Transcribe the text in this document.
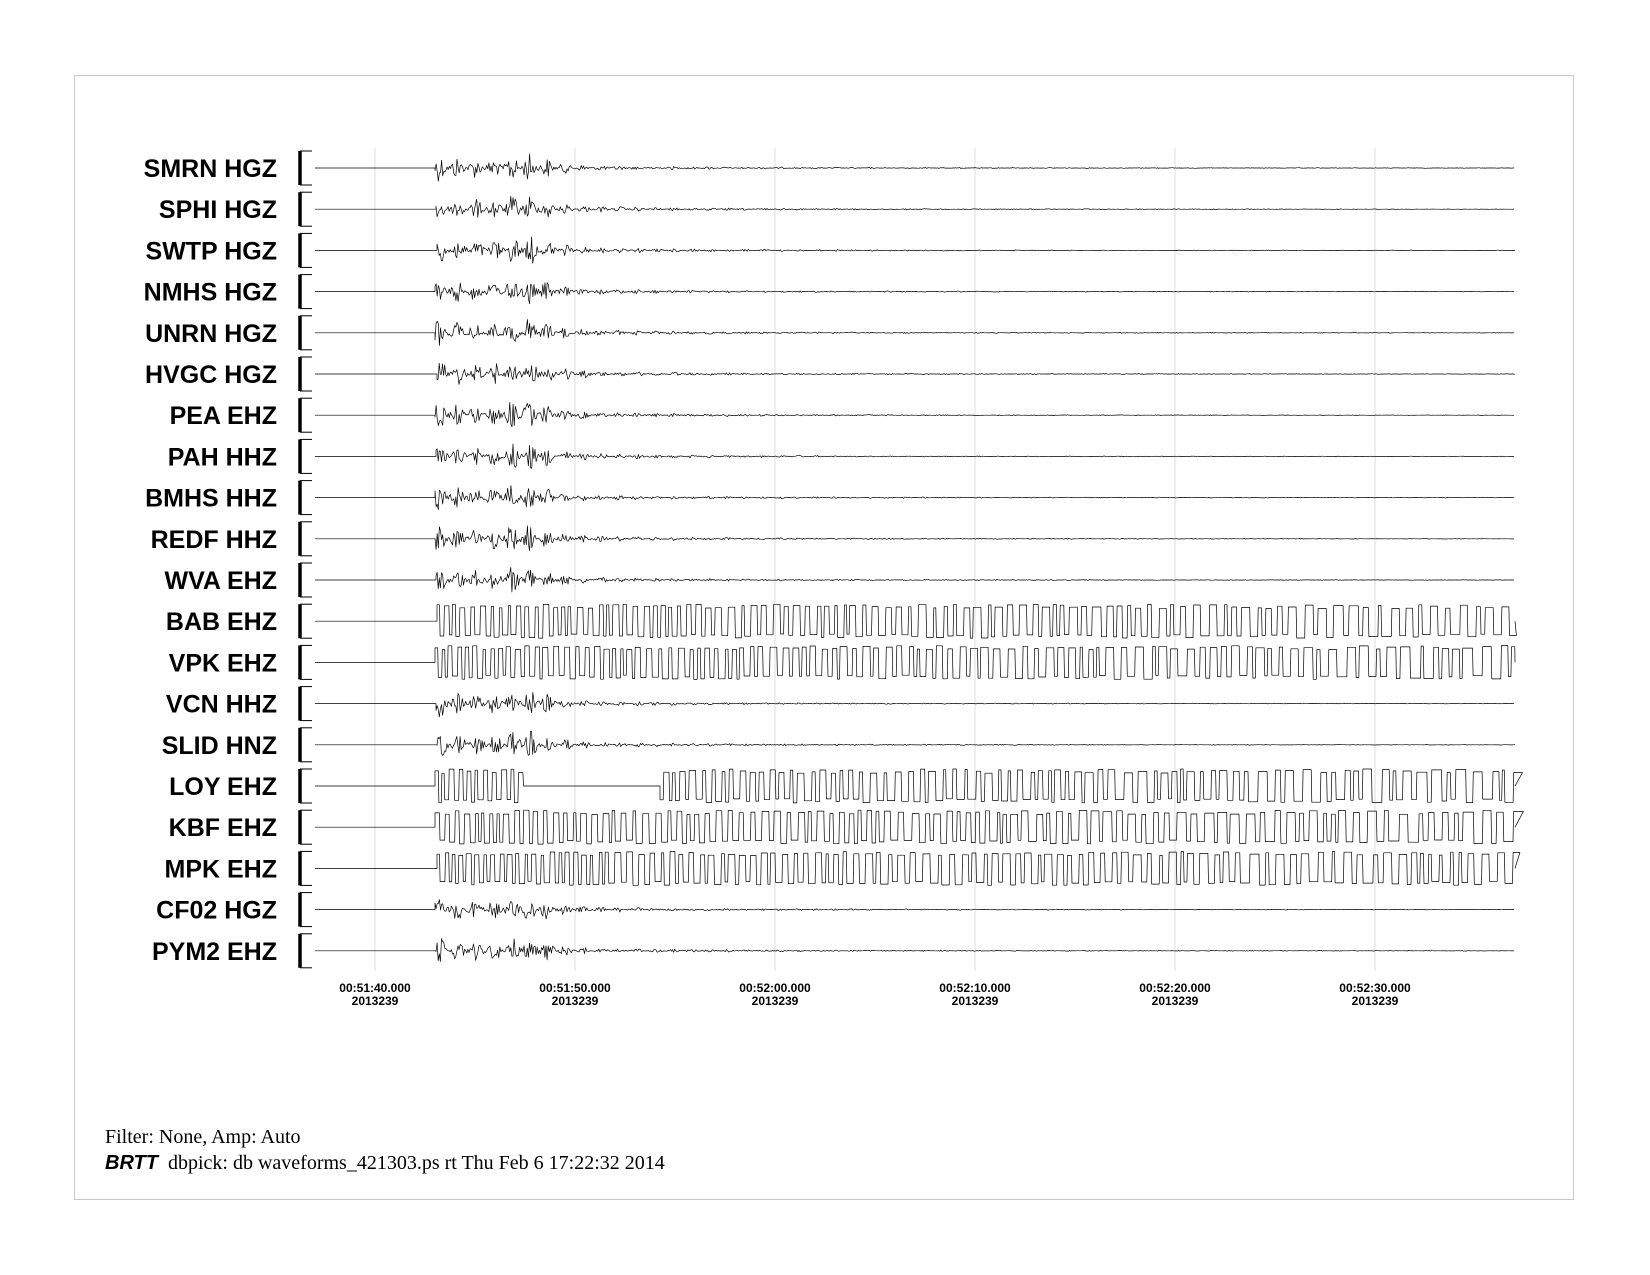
SMRN HGZ
SPHI HGZ
SWTP HGZ
NMHS HGZ
UNRN HGZ
HVGC HGZ
PEA EHZ
PAH HHZ
BMHS HHZ
REDF HHZ
WVA EHZ
BAB EHZ
VPK EHZ
VCN HHZ
SLID HNZ
LOY EHZ
KBF EHZ
MPK EHZ
CF02 HGZ
PYM2 EHZ
00:51:40.000
2013239
00:51:50.000
2013239
00:52:00.000
2013239
00:52:10.000
2013239
00:52:20.000
2013239
00:52:30.000
2013239
Filter: None, Amp: Auto
BRTT dbpick: db waveforms_421303.ps rt Thu Feb 6 17:22:32 2014
